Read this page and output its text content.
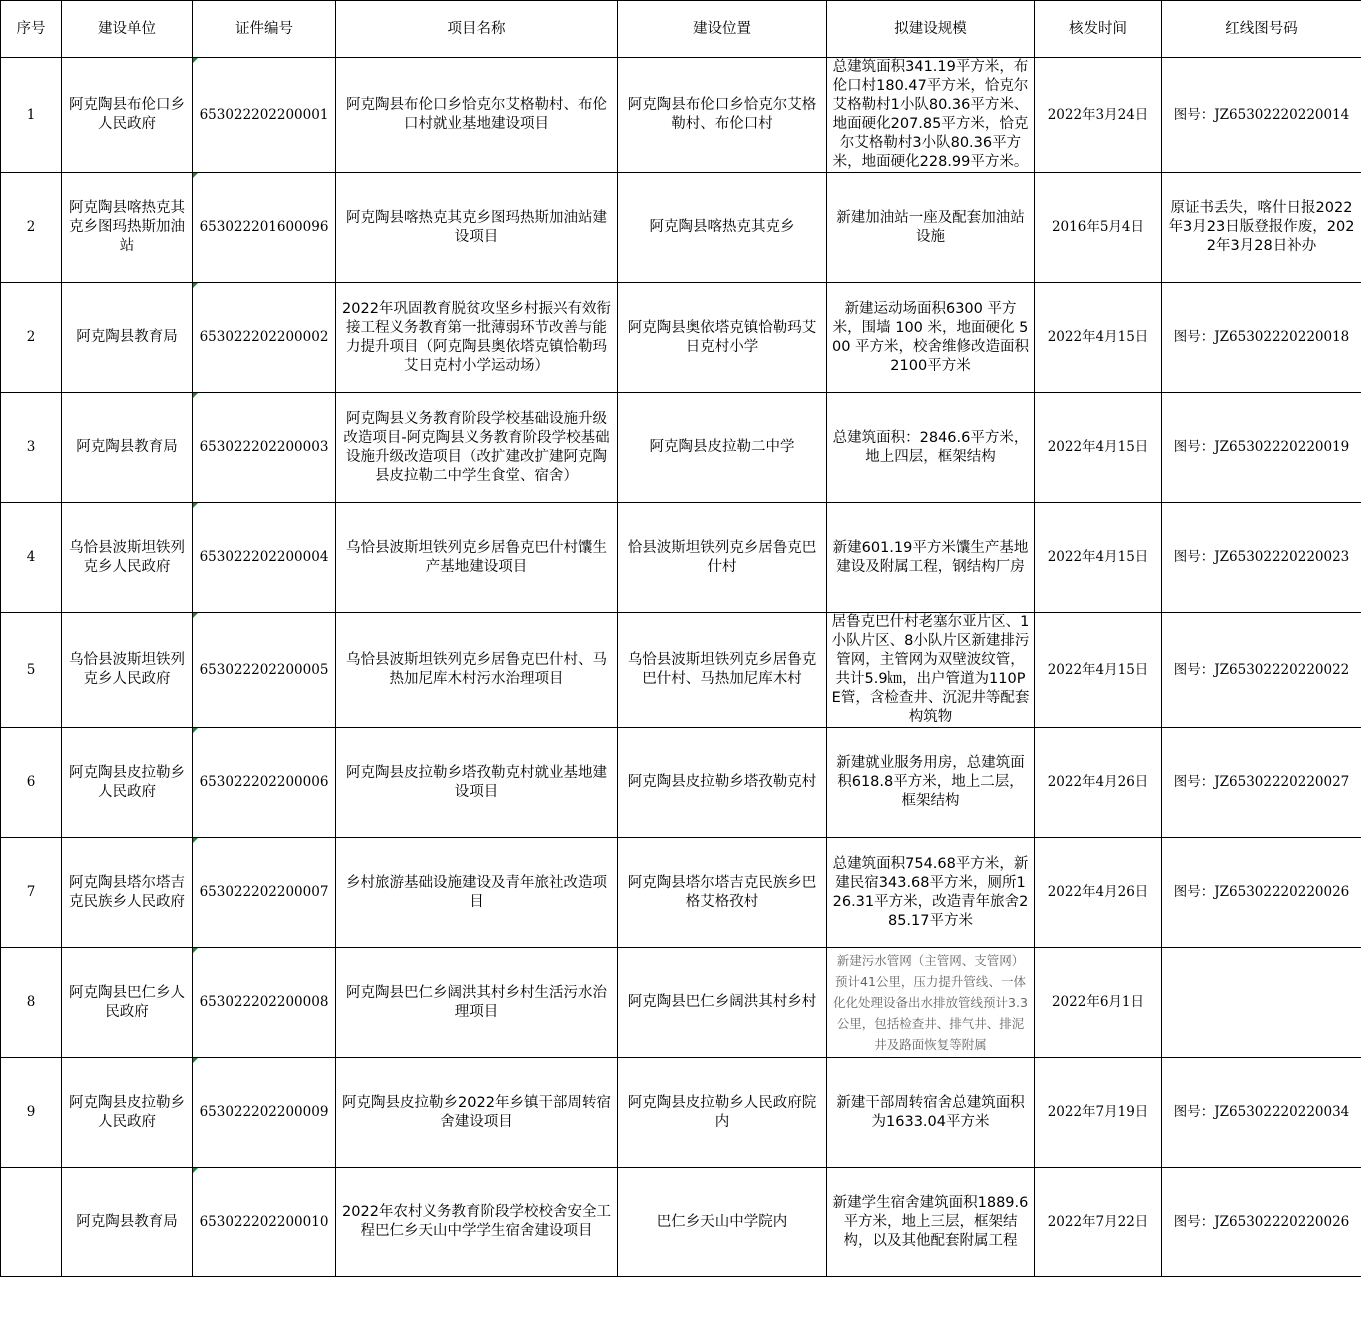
序号	建设单位	证件编号	项目名称	建设位置	拟建设规模	核发时间	红线图号码
1	阿克陶县布伦口乡人民政府	653022202200001	阿克陶县布伦口乡恰克尔艾格勒村、布伦口村就业基地建设项目	阿克陶县布伦口乡恰克尔艾格勒村、布伦口村	总建筑面积341.19平方米，布伦口村180.47平方米，恰克尔艾格勒村1小队80.36平方米、地面硬化207.85平方米，恰克尔艾格勒村3小队80.36平方米，地面硬化228.99平方米。	2022年3月24日	图号：JZ65302220220014
2	阿克陶县喀热克其克乡图玛热斯加油站	653022201600096	阿克陶县喀热克其克乡图玛热斯加油站建设项目	阿克陶县喀热克其克乡	新建加油站一座及配套加油站设施	2016年5月4日	原证书丢失，喀什日报2022年3月23日版登报作废，2022年3月28日补办
2	阿克陶县教育局	653022202200002	2022年巩固教育脱贫攻坚乡村振兴有效衔接工程义务教育第一批薄弱环节改善与能力提升项目（阿克陶县奥依塔克镇恰勒玛艾日克村小学运动场）	阿克陶县奥依塔克镇恰勒玛艾日克村小学	新建运动场面积6300 平方米，围墙 100 米，地面硬化 500 平方米，校舍维修改造面积2100平方米	2022年4月15日	图号：JZ65302220220018
3	阿克陶县教育局	653022202200003	阿克陶县义务教育阶段学校基础设施升级改造项目-阿克陶县义务教育阶段学校基础设施升级改造项目（改扩建改扩建阿克陶县皮拉勒二中学生食堂、宿舍）	阿克陶县皮拉勒二中学	总建筑面积：2846.6平方米，地上四层，框架结构	2022年4月15日	图号：JZ65302220220019
4	乌恰县波斯坦铁列克乡人民政府	653022202200004	乌恰县波斯坦铁列克乡居鲁克巴什村馕生产基地建设项目	恰县波斯坦铁列克乡居鲁克巴什村	新建601.19平方米馕生产基地建设及附属工程，钢结构厂房	2022年4月15日	图号：JZ65302220220023
5	乌恰县波斯坦铁列克乡人民政府	653022202200005	乌恰县波斯坦铁列克乡居鲁克巴什村、马热加尼库木村污水治理项目	乌恰县波斯坦铁列克乡居鲁克巴什村、马热加尼库木村	居鲁克巴什村老塞尔亚片区、1小队片区、8小队片区新建排污管网，主管网为双壁波纹管，共计5.9㎞，出户管道为110PE管，含检查井、沉泥井等配套构筑物	2022年4月15日	图号：JZ65302220220022
6	阿克陶县皮拉勒乡人民政府	653022202200006	阿克陶县皮拉勒乡塔孜勒克村就业基地建设项目	阿克陶县皮拉勒乡塔孜勒克村	新建就业服务用房，总建筑面积618.8平方米，地上二层，框架结构	2022年4月26日	图号：JZ65302220220027
7	阿克陶县塔尔塔吉克民族乡人民政府	653022202200007	乡村旅游基础设施建设及青年旅社改造项目	阿克陶县塔尔塔吉克民族乡巴格艾格孜村	总建筑面积754.68平方米，新建民宿343.68平方米，厕所126.31平方米，改造青年旅舍285.17平方米	2022年4月26日	图号：JZ65302220220026
8	阿克陶县巴仁乡人民政府	653022202200008	阿克陶县巴仁乡阔洪其村乡村生活污水治理项目	阿克陶县巴仁乡阔洪其村乡村	新建污水管网（主管网、支管网）预计41公里，压力提升管线、一体化化处理设备出水排放管线预计3.3公里，包括检查井、排气井、排泥井及路面恢复等附属	2022年6月1日	
9	阿克陶县皮拉勒乡人民政府	653022202200009	阿克陶县皮拉勒乡2022年乡镇干部周转宿舍建设项目	阿克陶县皮拉勒乡人民政府院内	新建干部周转宿舍总建筑面积为1633.04平方米	2022年7月19日	图号：JZ65302220220034
	阿克陶县教育局	653022202200010	2022年农村义务教育阶段学校校舍安全工程巴仁乡天山中学学生宿舍建设项目	巴仁乡天山中学院内	新建学生宿舍建筑面积1889.6平方米，地上三层，框架结构，以及其他配套附属工程	2022年7月22日	图号：JZ65302220220026
